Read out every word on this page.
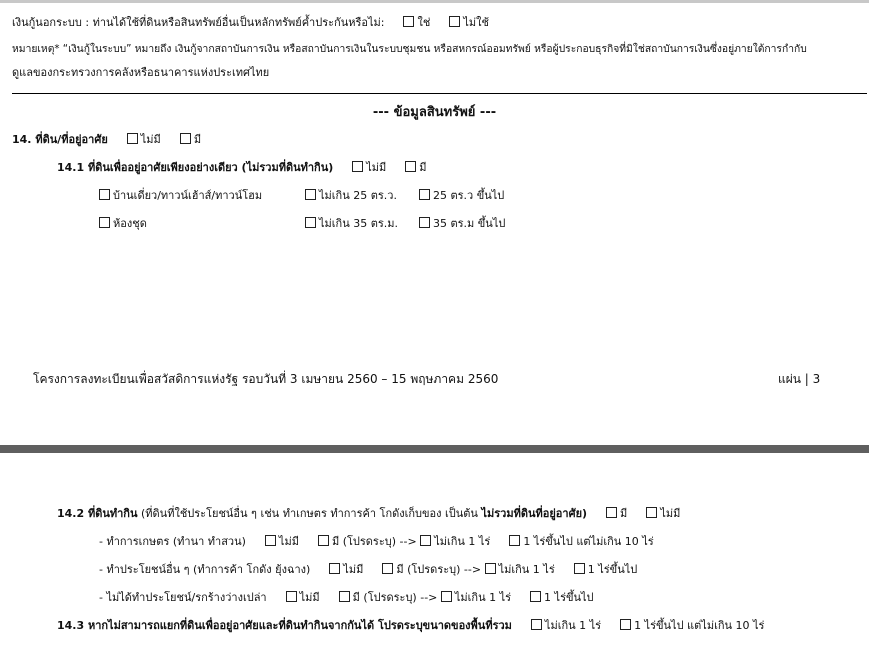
เงินกู้นอกระบบ : ท่านได้ใช้ที่ดินหรือสินทรัพย์อื่นเป็นหลักทรัพย์ค้ำประกันหรือไม่:	ใช่	ไม่ใช้
หมายเหตุ* “เงินกู้ในระบบ” หมายถึง เงินกู้จากสถาบันการเงิน หรือสถาบันการเงินในระบบชุมชน หรือสหกรณ์ออมทรัพย์ หรือผู้ประกอบธุรกิจที่มิใช่สถาบันการเงินซึ่งอยู่ภายใต้การกำกับ
ดูแลของกระทรวงการคลังหรือธนาคารแห่งประเทศไทย
--- ข้อมูลสินทรัพย์ ---
14. ที่ดิน/ที่อยู่อาศัย	ไม่มี	มี
14.1 ที่ดินเพื่ออยู่อาศัยเพียงอย่างเดียว (ไม่รวมที่ดินทำกิน)	ไม่มี	มี
บ้านเดี่ยว/ทาวน์เฮ้าส์/ทาวน์โฮม	ไม่เกิน 25 ตร.ว.	25 ตร.ว ขึ้นไป
ห้องชุด	ไม่เกิน 35 ตร.ม.	35 ตร.ม ขึ้นไป
โครงการลงทะเบียนเพื่อสวัสดิการแห่งรัฐ รอบวันที่ 3 เมษายน 2560 – 15 พฤษภาคม 2560	แผ่น | 3
14.2 ที่ดินทำกิน (ที่ดินที่ใช้ประโยชน์อื่น ๆ เช่น ทำเกษตร ทำการค้า โกดังเก็บของ เป็นต้น ไม่รวมที่ดินที่อยู่อาศัย)	มี	ไม่มี
- ทำการเกษตร (ทำนา ทำสวน)	ไม่มี	มี (โปรดระบุ) --> ไม่เกิน 1 ไร่	1 ไร่ขึ้นไป แต่ไม่เกิน 10 ไร่
- ทำประโยชน์อื่น ๆ (ทำการค้า โกดัง ยุ้งฉาง)	ไม่มี	มี (โปรดระบุ) --> ไม่เกิน 1 ไร่	1 ไร่ขึ้นไป
- ไม่ได้ทำประโยชน์/รกร้างว่างเปล่า	ไม่มี	มี (โปรดระบุ) --> ไม่เกิน 1 ไร่	1 ไร่ขึ้นไป
14.3 หากไม่สามารถแยกที่ดินเพื่ออยู่อาศัยและที่ดินทำกินจากกันได้ โปรดระบุขนาดของพื้นที่รวม	ไม่เกิน 1 ไร่	1 ไร่ขึ้นไป แต่ไม่เกิน 10 ไร่
